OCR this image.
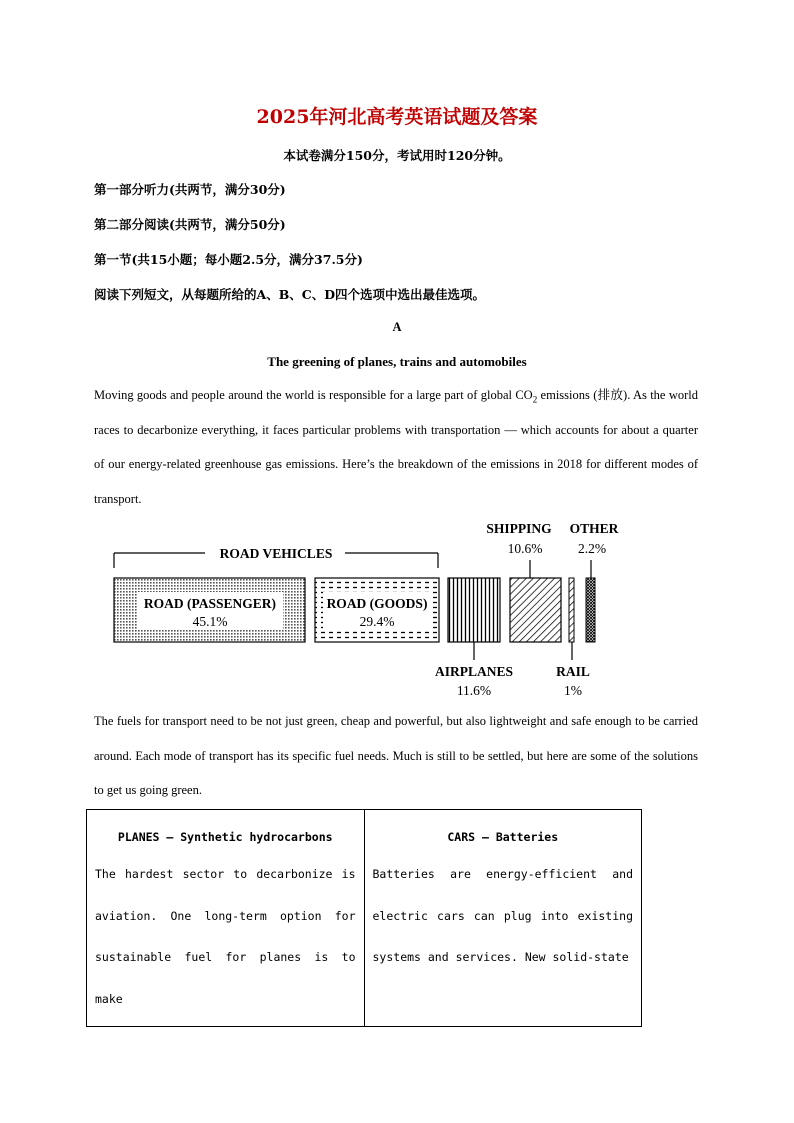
2025年河北高考英语试题及答案
本试卷满分150分，考试用时120分钟。
第一部分听力(共两节，满分30分)
第二部分阅读(共两节，满分50分)
第一节(共15小题；每小题2.5分，满分37.5分)
阅读下列短文，从每题所给的A、B、C、D四个选项中选出最佳选项。
A
The greening of planes, trains and automobiles
Moving goods and people around the world is responsible for a large part of global $CO_2$ emissions (排放). As the world races to decarbonize everything, it faces particular problems with transportation — which accounts for about a quarter of our energy-related greenhouse gas emissions. Here’s the breakdown of the emissions in 2018 for different modes of transport.
ROAD VEHICLES
ROAD (PASSENGER)
45.1%
ROAD (GOODS)
29.4%
AIRPLANES
11.6%
SHIPPING
10.6%
RAIL
1%
OTHER
2.2%
The fuels for transport need to be not just green, cheap and powerful, but also lightweight and safe enough to be carried around. Each mode of transport has its specific fuel needs. Much is still to be settled, but here are some of the solutions to get us going green.
PLANES — Synthetic hydrocarbons
The hardest sector to decarbonize is aviation. One long-term option for sustainable fuel for planes is to make

CARS — Batteries
Batteries are energy-efficient and electric cars can plug into existing systems and services. New solid-state
